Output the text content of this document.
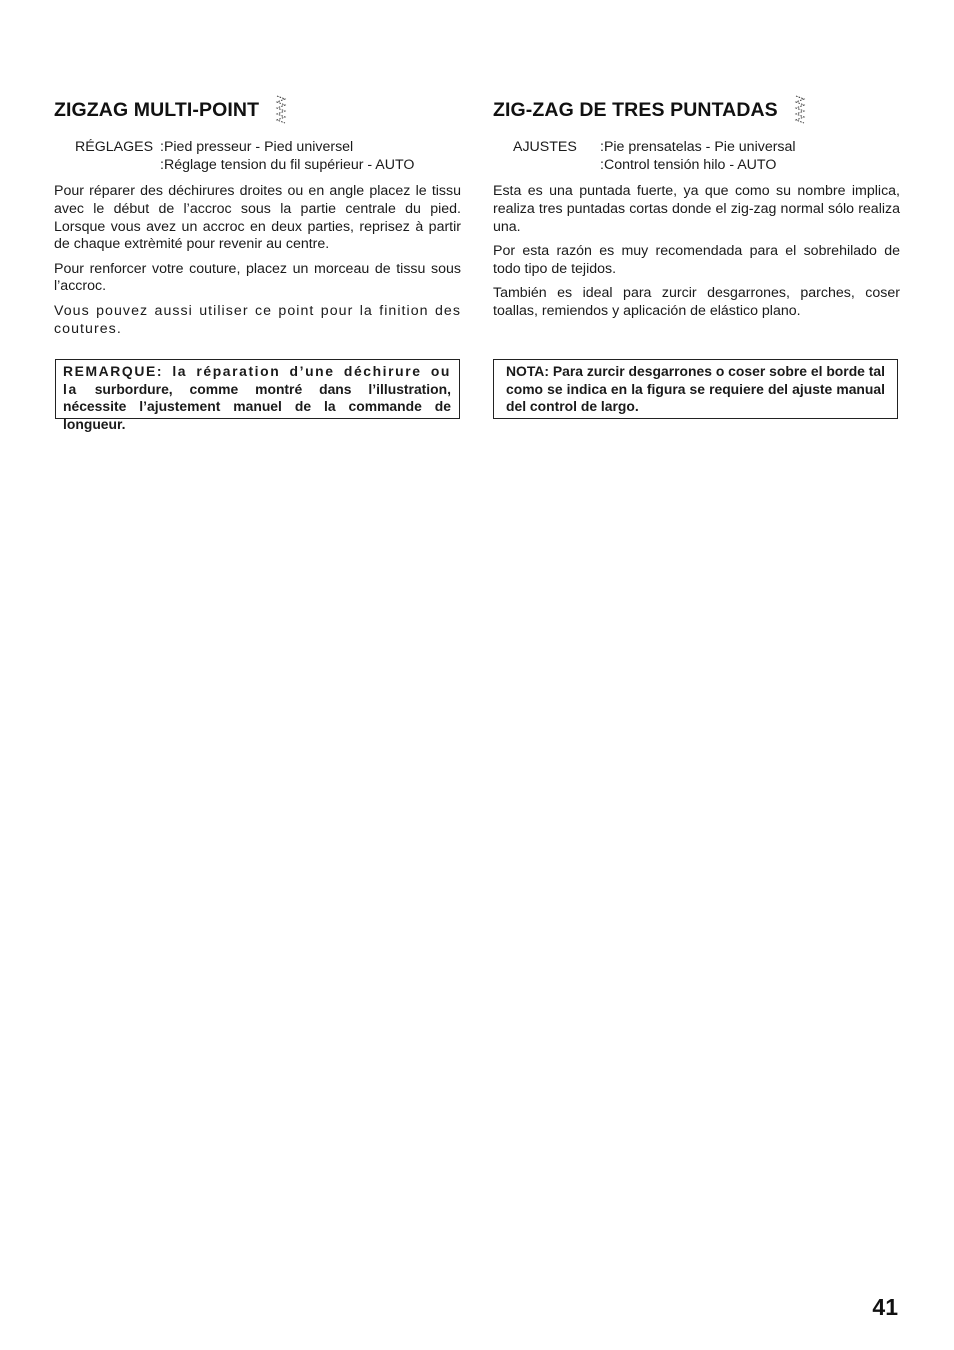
ZIGZAG MULTI-POINT
RÉGLAGES :Pied presseur - Pied universel
:Réglage tension du fil supérieur - AUTO

Pour réparer des déchirures droites ou en angle placez le tissu avec le début de l’accroc sous la partie centrale du pied. Lorsque vous avez un accroc en deux parties, reprisez à partir de chaque extrèmité pour revenir au centre.

Pour renforcer votre couture, placez un morceau de tissu sous l’accroc.

Vous pouvez aussi utiliser ce point pour la finition des coutures.

REMARQUE: la réparation d’une déchirure ou la surbordure, comme montré dans l’illustration, nécessite l’ajustement manuel de la commande de longueur.
ZIG-ZAG DE TRES PUNTADAS
AJUSTES	:Pie prensatelas - Pie universal
:Control tensión hilo - AUTO

Esta es una puntada fuerte, ya que como su nombre implica, realiza tres puntadas cortas donde el zig-zag normal sólo realiza una.

Por esta razón es muy recomendada para el sobrehilado de todo tipo de tejidos.

También es ideal para zurcir desgarrones, parches, coser toallas, remiendos y aplicación de elástico plano.

NOTA: Para zurcir desgarrones o coser sobre el borde tal como se indica en la figura se requiere del ajuste manual del control de largo.
41
